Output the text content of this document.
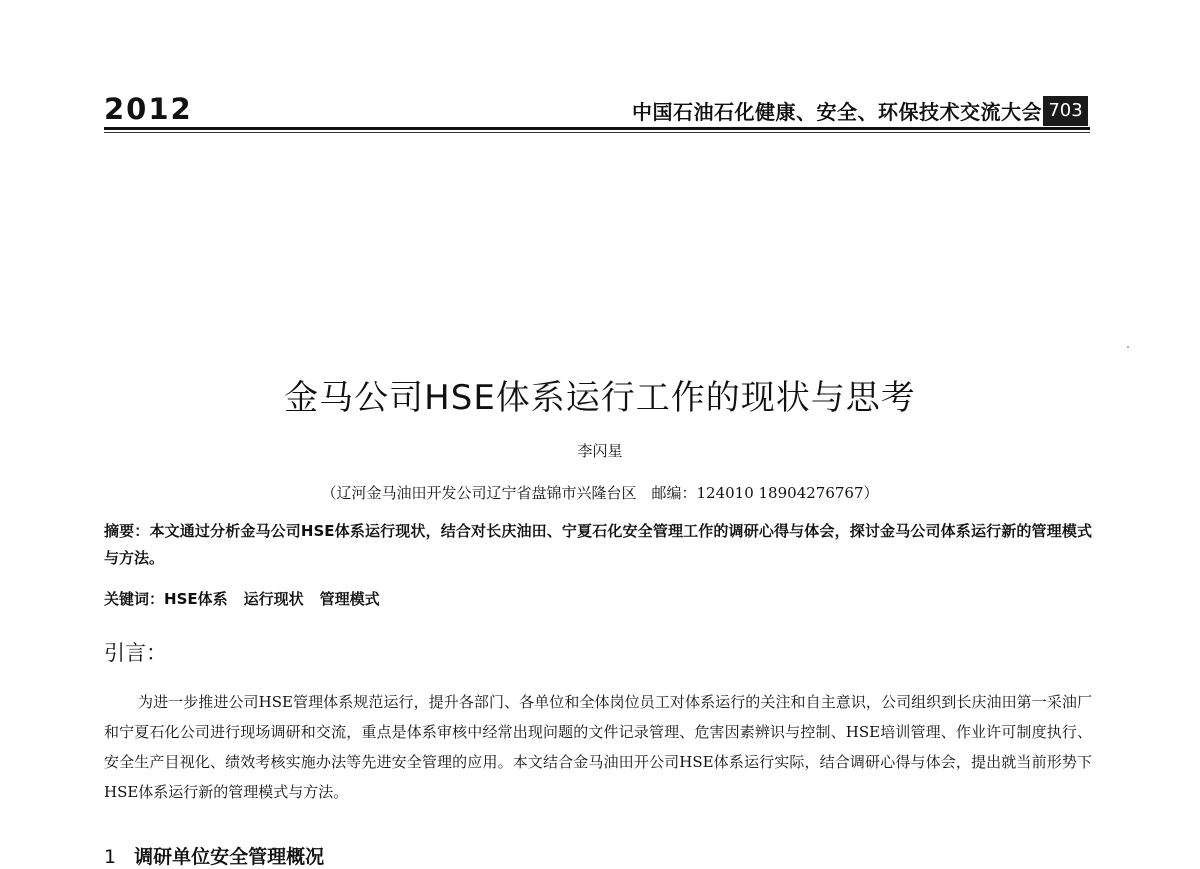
2012	中国石油石化健康、安全、环保技术交流大会 703
金马公司HSE体系运行工作的现状与思考
李闪星
（辽河金马油田开发公司辽宁省盘锦市兴隆台区　邮编：124010 18904276767）
摘要：本文通过分析金马公司HSE体系运行现状，结合对长庆油田、宁夏石化安全管理工作的调研心得与体会，探讨金马公司体系运行新的管理模式与方法。
关键词：HSE体系 运行现状 管理模式
引言：
为进一步推进公司HSE管理体系规范运行，提升各部门、各单位和全体岗位员工对体系运行的关注和自主意识，公司组织到长庆油田第一采油厂和宁夏石化公司进行现场调研和交流，重点是体系审核中经常出现问题的文件记录管理、危害因素辨识与控制、HSE培训管理、作业许可制度执行、安全生产目视化、绩效考核实施办法等先进安全管理的应用。本文结合金马油田开公司HSE体系运行实际，结合调研心得与体会，提出就当前形势下HSE体系运行新的管理模式与方法。
1 调研单位安全管理概况
